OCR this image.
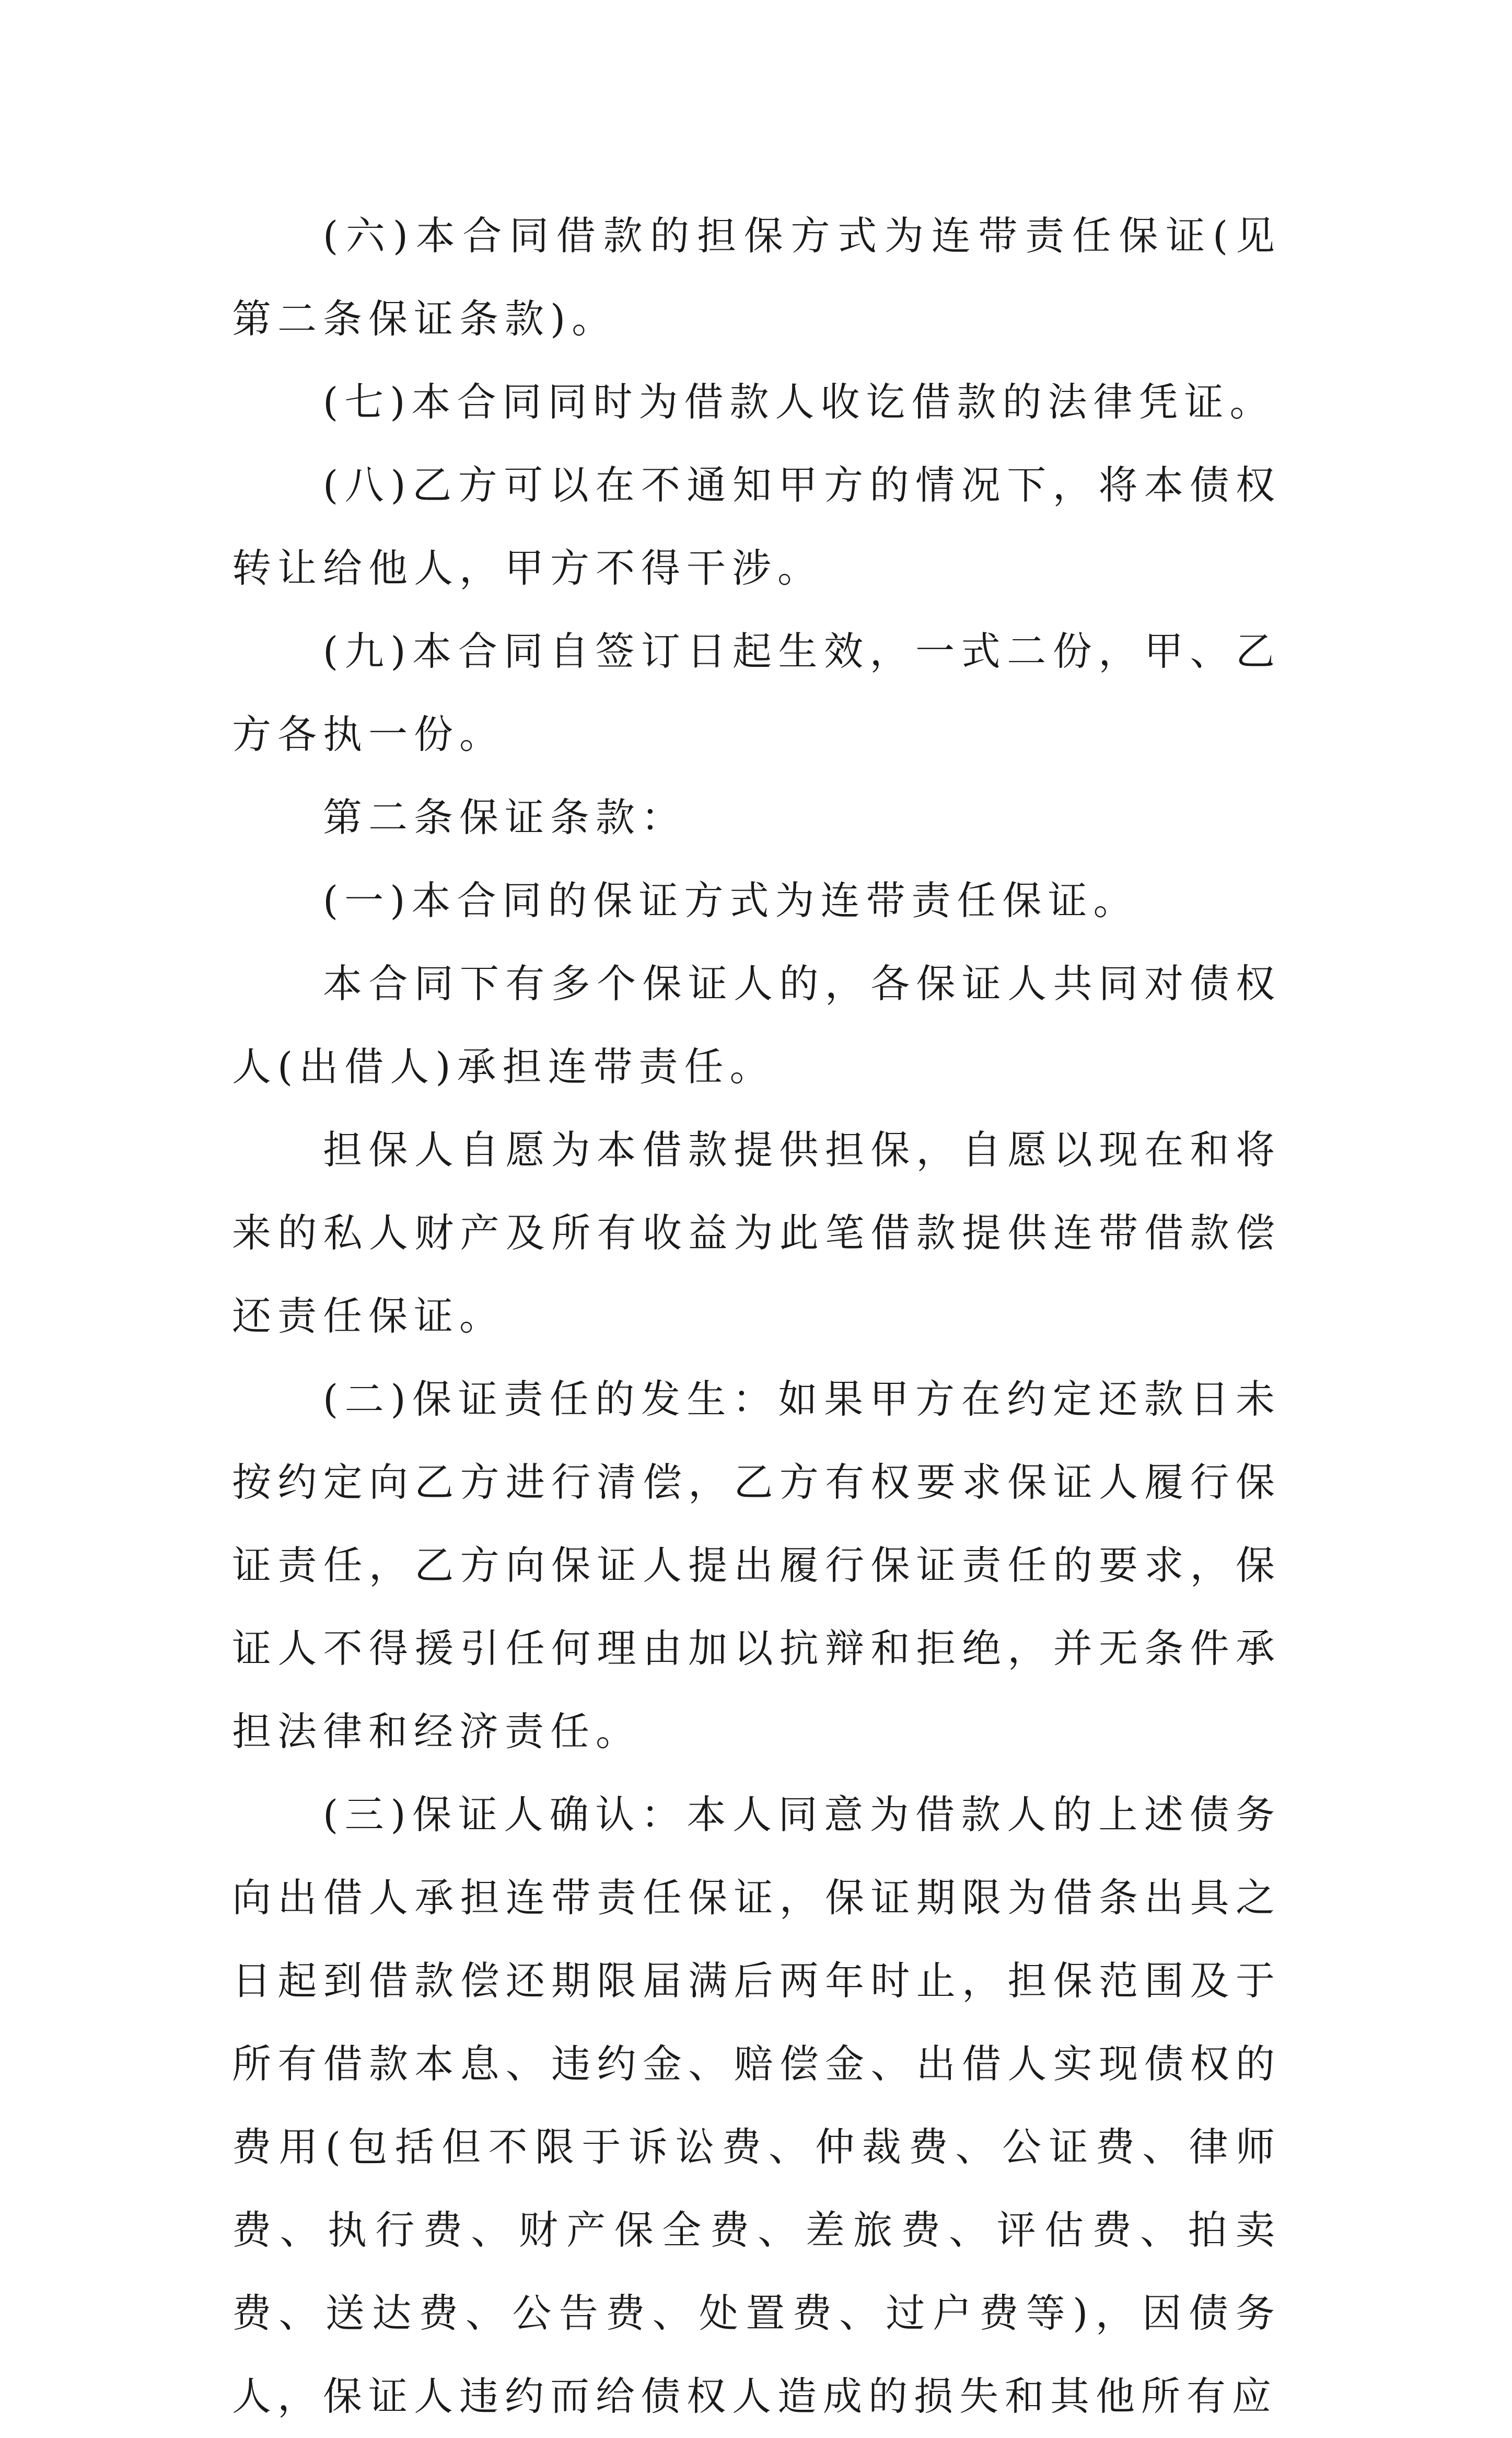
(六)本合同借款的担保方式为连带责任保证(见第二条保证条款)。

(七)本合同同时为借款人收讫借款的法律凭证。

(八)乙方可以在不通知甲方的情况下，将本债权转让给他人，甲方不得干涉。

(九)本合同自签订日起生效，一式二份，甲、乙方各执一份。

第二条保证条款：

(一)本合同的保证方式为连带责任保证。

本合同下有多个保证人的，各保证人共同对债权人(出借人)承担连带责任。

担保人自愿为本借款提供担保，自愿以现在和将来的私人财产及所有收益为此笔借款提供连带借款偿还责任保证。

(二)保证责任的发生：如果甲方在约定还款日未按约定向乙方进行清偿，乙方有权要求保证人履行保证责任，乙方向保证人提出履行保证责任的要求，保证人不得援引任何理由加以抗辩和拒绝，并无条件承担法律和经济责任。

(三)保证人确认：本人同意为借款人的上述债务向出借人承担连带责任保证，保证期限为借条出具之日起到借款偿还期限届满后两年时止，担保范围及于所有借款本息、违约金、赔偿金、出借人实现债权的费用(包括但不限于诉讼费、仲裁费、公证费、律师费、执行费、财产保全费、差旅费、评估费、拍卖费、送达费、公告费、处置费、过户费等)，因债务人，保证人违约而给债权人造成的损失和其他所有应
